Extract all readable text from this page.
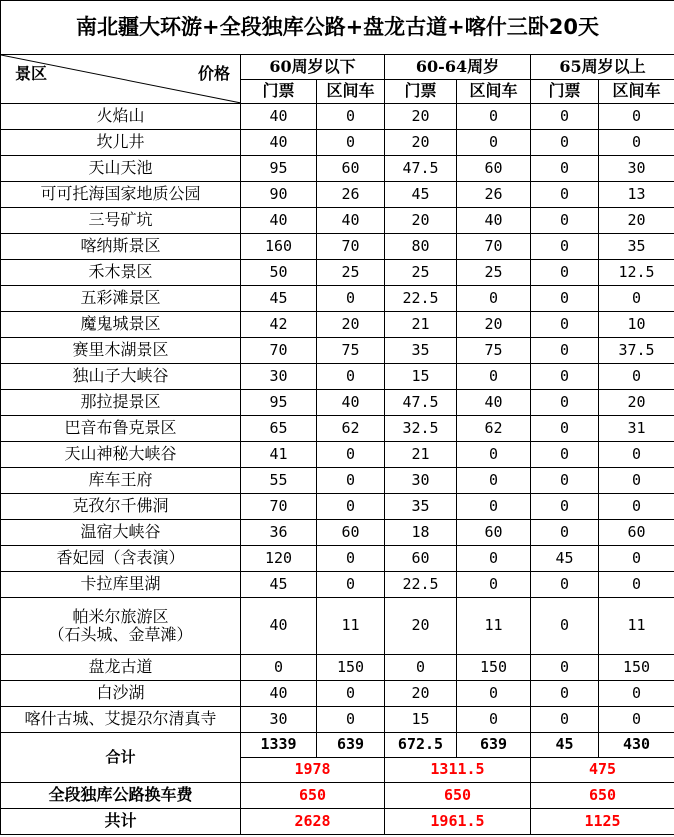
南北疆大环游+全段独库公路+盘龙古道+喀什三卧20天						

景区 价格	60周岁以下		60-64周岁		65周岁以上	
	门票	区间车	门票	区间车	门票	区间车

火焰山	40	0	20	0	0	0

坎儿井	40	0	20	0	0	0

天山天池	95	60	47.5	60	0	30

可可托海国家地质公园	90	26	45	26	0	13

三号矿坑	40	40	20	40	0	20

喀纳斯景区	160	70	80	70	0	35

禾木景区	50	25	25	25	0	12.5

五彩滩景区	45	0	22.5	0	0	0

魔鬼城景区	42	20	21	20	0	10

赛里木湖景区	70	75	35	75	0	37.5

独山子大峡谷	30	0	15	0	0	0

那拉提景区	95	40	47.5	40	0	20

巴音布鲁克景区	65	62	32.5	62	0	31

天山神秘大峡谷	41	0	21	0	0	0

库车王府	55	0	30	0	0	0

克孜尔千佛洞	70	0	35	0	0	0

温宿大峡谷	36	60	18	60	0	60

香妃园（含表演）	120	0	60	0	45	0

卡拉库里湖	45	0	22.5	0	0	0

帕米尔旅游区
（石头城、金草滩）	40	11	20	11	0	11

盘龙古道	0	150	0	150	0	150

白沙湖	40	0	20	0	0	0

喀什古城、艾提尕尔清真寺	30	0	15	0	0	0
合计	1339	639	672.5	639	45	430
	1978		1311.5		475	
全段独库公路换车费	650		650		650	
共计	2628		1961.5		1125	
